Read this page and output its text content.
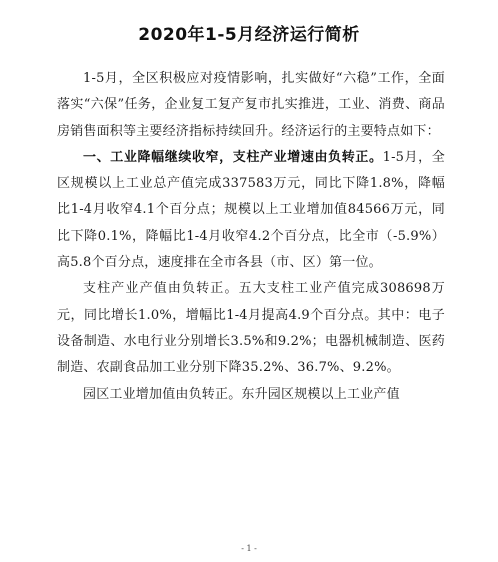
2020年1-5月经济运行简析

1-5月，全区积极应对疫情影响，扎实做好“六稳”工作，全面落实“六保”任务，企业复工复产复市扎实推进，工业、消费、商品房销售面积等主要经济指标持续回升。经济运行的主要特点如下：

一、工业降幅继续收窄，支柱产业增速由负转正。1-5月，全区规模以上工业总产值完成337583万元，同比下降1.8%，降幅比1-4月收窄4.1个百分点；规模以上工业增加值84566万元，同比下降0.1%，降幅比1-4月收窄4.2个百分点，比全市（-5.9%）高5.8个百分点，速度排在全市各县（市、区）第一位。

支柱产业产值由负转正。五大支柱工业产值完成308698万元，同比增长1.0%，增幅比1-4月提高4.9个百分点。其中：电子设备制造、水电行业分别增长3.5%和9.2%；电器机械制造、医药制造、农副食品加工业分别下降35.2%、36.7%、9.2%。

园区工业增加值由负转正。东升园区规模以上工业产值

- 1 -
